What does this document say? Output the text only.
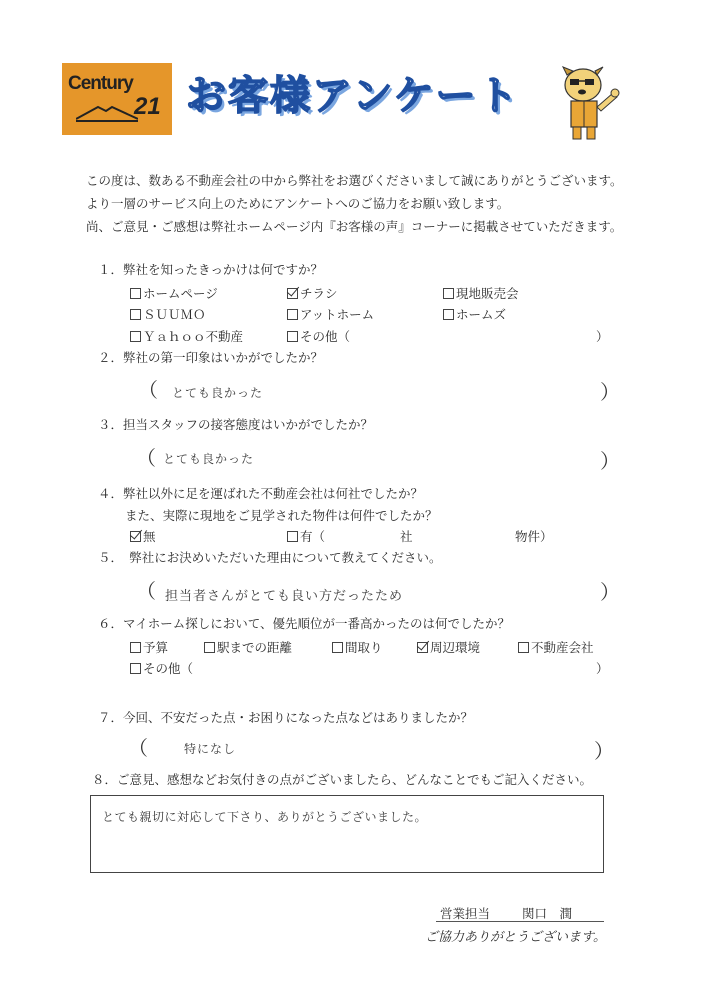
Century
21 お客様アンケート
この度は、数ある不動産会社の中から弊社をお選びくださいまして誠にありがとうございます。
より一層のサービス向上のためにアンケートへのご協力をお願い致します。
尚、ご意見・ご感想は弊社ホームページ内『お客様の声』コーナーに掲載させていただきます。
１．弊社を知ったきっかけは何ですか？
ホームページ	チラシ	現地販売会
ＳＵＵＭＯ	アットホーム	ホームズ
Ｙａｈｏｏ不動産	その他（	）
２．弊社の第一印象はいかがでしたか？
（ とても良かった	）
３．担当スタッフの接客態度はいかがでしたか？
（ とても良かった	）
４．弊社以外に足を運ばれた不動産会社は何社でしたか？
また、実際に現地をご見学された物件は何件でしたか？
無	有（	社	物件）
５．　弊社にお決めいただいた理由について教えてください。
（ 担当者さんがとても良い方だったため	）
６．マイホーム探しにおいて、優先順位が一番高かったのは何でしたか？
予算	駅までの距離	間取り	周辺環境	不動産会社
その他（	）
７．今回、不安だった点・お困りになった点などはありましたか？
（	特になし	）
８．ご意見、感想などお気付きの点がございましたら、どんなことでもご記入ください。
とても親切に対応して下さり、ありがとうございました。
営業担当	関口　潤
ご協力ありがとうございます。
